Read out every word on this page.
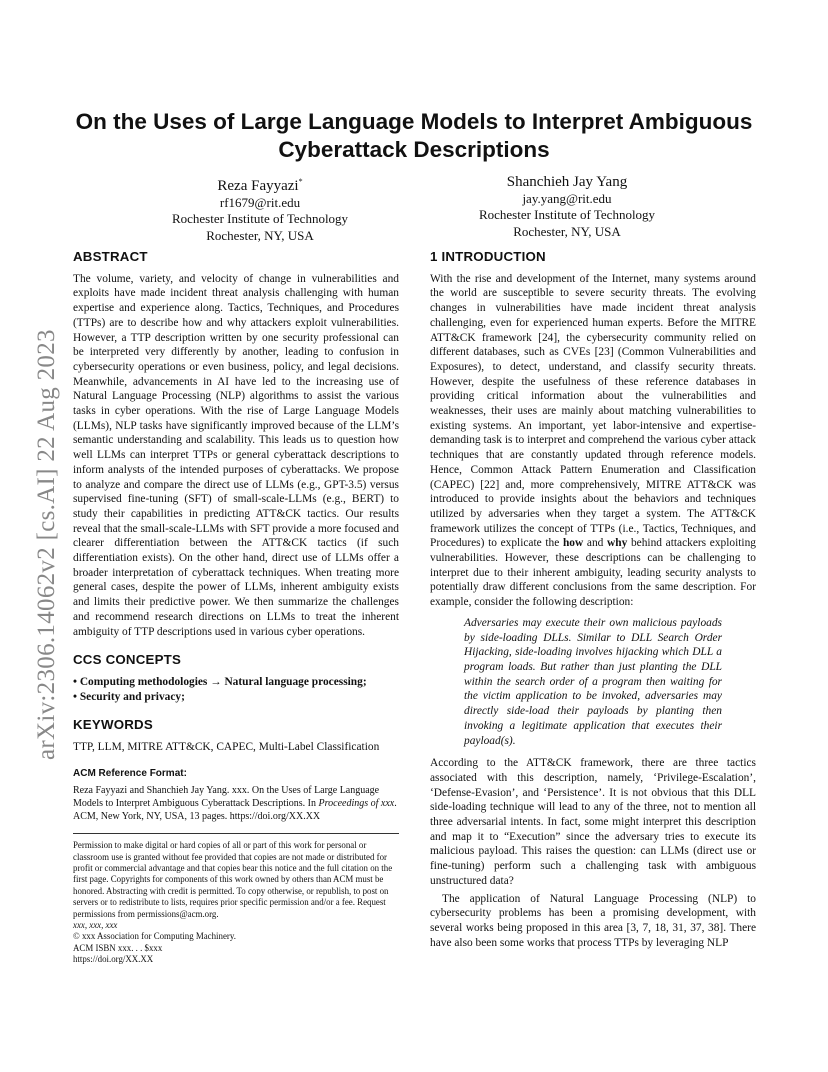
arXiv:2306.14062v2 [cs.AI] 22 Aug 2023
On the Uses of Large Language Models to Interpret Ambiguous Cyberattack Descriptions
Reza Fayyazi*
rf1679@rit.edu
Rochester Institute of Technology
Rochester, NY, USA
Shanchieh Jay Yang
jay.yang@rit.edu
Rochester Institute of Technology
Rochester, NY, USA
ABSTRACT

The volume, variety, and velocity of change in vulnerabilities and exploits have made incident threat analysis challenging with human expertise and experience along. Tactics, Techniques, and Procedures (TTPs) are to describe how and why attackers exploit vulnerabilities. However, a TTP description written by one security professional can be interpreted very differently by another, leading to confusion in cybersecurity operations or even business, policy, and legal decisions. Meanwhile, advancements in AI have led to the increasing use of Natural Language Processing (NLP) algorithms to assist the various tasks in cyber operations. With the rise of Large Language Models (LLMs), NLP tasks have significantly improved because of the LLM’s semantic understanding and scalability. This leads us to question how well LLMs can interpret TTPs or general cyberattack descriptions to inform analysts of the intended purposes of cyberattacks. We propose to analyze and compare the direct use of LLMs (e.g., GPT-3.5) versus supervised fine-tuning (SFT) of small-scale-LLMs (e.g., BERT) to study their capabilities in predicting ATT&CK tactics. Our results reveal that the small-scale-LLMs with SFT provide a more focused and clearer differentiation between the ATT&CK tactics (if such differentiation exists). On the other hand, direct use of LLMs offer a broader interpretation of cyberattack techniques. When treating more general cases, despite the power of LLMs, inherent ambiguity exists and limits their predictive power. We then summarize the challenges and recommend research directions on LLMs to treat the inherent ambiguity of TTP descriptions used in various cyber operations.

CCS CONCEPTS
• Computing methodologies → Natural language processing;
• Security and privacy;
KEYWORDS

TTP, LLM, MITRE ATT&CK, CAPEC, Multi-Label Classification

ACM Reference Format:
Reza Fayyazi and Shanchieh Jay Yang. xxx. On the Uses of Large Language Models to Interpret Ambiguous Cyberattack Descriptions. In Proceedings of xxx. ACM, New York, NY, USA, 13 pages. https://doi.org/XX.XX
Permission to make digital or hard copies of all or part of this work for personal or classroom use is granted without fee provided that copies are not made or distributed for profit or commercial advantage and that copies bear this notice and the full citation on the first page. Copyrights for components of this work owned by others than ACM must be honored. Abstracting with credit is permitted. To copy otherwise, or republish, to post on servers or to redistribute to lists, requires prior specific permission and/or a fee. Request permissions from permissions@acm.org.
xxx, xxx, xxx
© xxx Association for Computing Machinery.
ACM ISBN xxx. . . $xxx
https://doi.org/XX.XX
1 INTRODUCTION

With the rise and development of the Internet, many systems around the world are susceptible to severe security threats. The evolving changes in vulnerabilities have made incident threat analysis challenging, even for experienced human experts. Before the MITRE ATT&CK framework [24], the cybersecurity community relied on different databases, such as CVEs [23] (Common Vulnerabilities and Exposures), to detect, understand, and classify security threats. However, despite the usefulness of these reference databases in providing critical information about the vulnerabilities and weaknesses, their uses are mainly about matching vulnerabilities to existing systems. An important, yet labor-intensive and expertise-demanding task is to interpret and comprehend the various cyber attack techniques that are constantly updated through reference models. Hence, Common Attack Pattern Enumeration and Classification (CAPEC) [22] and, more comprehensively, MITRE ATT&CK was introduced to provide insights about the behaviors and techniques utilized by adversaries when they target a system. The ATT&CK framework utilizes the concept of TTPs (i.e., Tactics, Techniques, and Procedures) to explicate the how and why behind attackers exploiting vulnerabilities. However, these descriptions can be challenging to interpret due to their inherent ambiguity, leading security analysts to potentially draw different conclusions from the same description. For example, consider the following description:

Adversaries may execute their own malicious payloads by side-loading DLLs. Similar to DLL Search Order Hijacking, side-loading involves hijacking which DLL a program loads. But rather than just planting the DLL within the search order of a program then waiting for the victim application to be invoked, adversaries may directly side-load their payloads by planting then invoking a legitimate application that executes their payload(s).

According to the ATT&CK framework, there are three tactics associated with this description, namely, ‘Privilege-Escalation’, ‘Defense-Evasion’, and ‘Persistence’. It is not obvious that this DLL side-loading technique will lead to any of the three, not to mention all three adversarial intents. In fact, some might interpret this description and map it to “Execution” since the adversary tries to execute its malicious payload. This raises the question: can LLMs (direct use or fine-tuning) perform such a challenging task with ambiguous unstructured data?

The application of Natural Language Processing (NLP) to cybersecurity problems has been a promising development, with several works being proposed in this area [3, 7, 18, 31, 37, 38]. There have also been some works that process TTPs by leveraging NLP
